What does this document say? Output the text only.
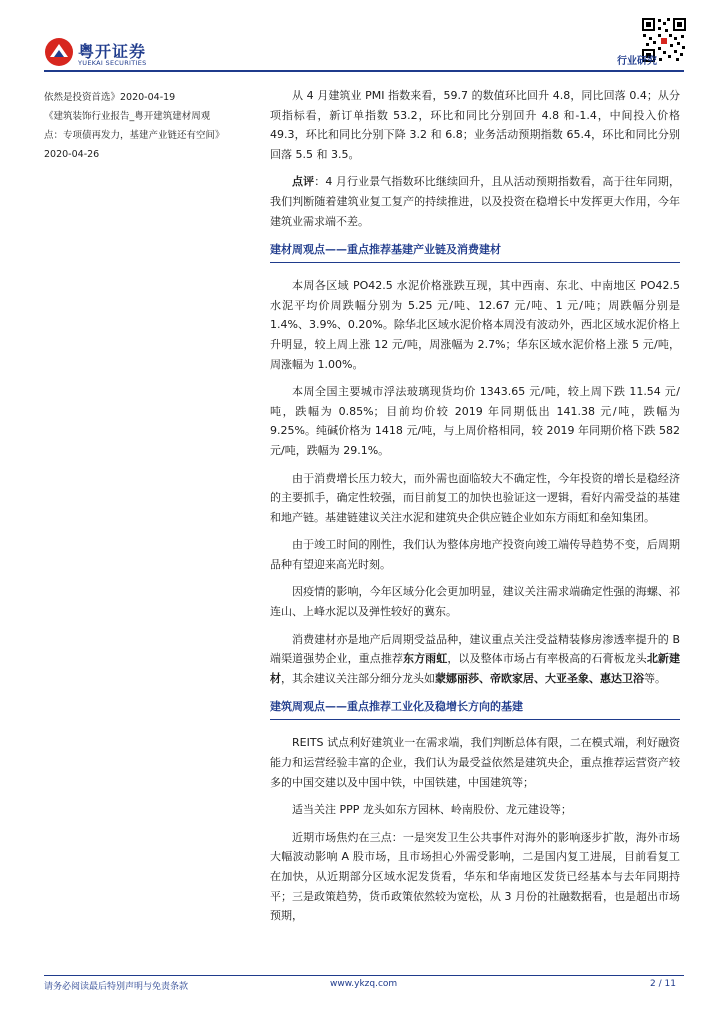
粤开证券
YUEKAI SECURITIES	行业研究
依然是投资首选》2020-04-19
《建筑装饰行业报告_粤开建筑建材周观
点：专项债再发力，基建产业链还有空间》
2020-04-26

从 4 月建筑业 PMI 指数来看，59.7 的数值环比回升 4.8，同比回落 0.4；从分项指标看，新订单指数 53.2，环比和同比分别回升 4.8 和-1.4，中间投入价格 49.3，环比和同比分别下降 3.2 和 6.8；业务活动预期指数 65.4，环比和同比分别回落 5.5 和 3.5。

点评：4 月行业景气指数环比继续回升，且从活动预期指数看，高于往年同期，我们判断随着建筑业复工复产的持续推进，以及投资在稳增长中发挥更大作用，今年建筑业需求端不差。

建材周观点——重点推荐基建产业链及消费建材

本周各区域 PO42.5 水泥价格涨跌互现，其中西南、东北、中南地区 PO42.5 水泥平均价周跌幅分别为 5.25 元/吨、12.67 元/吨、1 元/吨；周跌幅分别是 1.4%、3.9%、0.20%。除华北区域水泥价格本周没有波动外，西北区域水泥价格上升明显，较上周上涨 12 元/吨，周涨幅为 2.7%；华东区域水泥价格上涨 5 元/吨，周涨幅为 1.00%。

本周全国主要城市浮法玻璃现货均价 1343.65 元/吨，较上周下跌 11.54 元/吨，跌幅为 0.85%；目前均价较 2019 年同期低出 141.38 元/吨，跌幅为 9.25%。纯碱价格为 1418 元/吨，与上周价格相同，较 2019 年同期价格下跌 582 元/吨，跌幅为 29.1%。

由于消费增长压力较大，而外需也面临较大不确定性，今年投资的增长是稳经济的主要抓手，确定性较强，而目前复工的加快也验证这一逻辑，看好内需受益的基建和地产链。基建链建议关注水泥和建筑央企供应链企业如东方雨虹和垒知集团。

由于竣工时间的刚性，我们认为整体房地产投资向竣工端传导趋势不变，后周期品种有望迎来高光时刻。

因疫情的影响，今年区域分化会更加明显，建议关注需求端确定性强的海螺、祁连山、上峰水泥以及弹性较好的冀东。

消费建材亦是地产后周期受益品种，建议重点关注受益精装修房渗透率提升的 B 端渠道强势企业，重点推荐东方雨虹，以及整体市场占有率极高的石膏板龙头北新建材，其余建议关注部分细分龙头如蒙娜丽莎、帝欧家居、大亚圣象、惠达卫浴等。

建筑周观点——重点推荐工业化及稳增长方向的基建

REITS 试点利好建筑业一在需求端，我们判断总体有限，二在模式端，利好融资能力和运营经验丰富的企业，我们认为最受益依然是建筑央企，重点推荐运营资产较多的中国交建以及中国中铁，中国铁建，中国建筑等；

适当关注 PPP 龙头如东方园林、岭南股份、龙元建设等；

近期市场焦灼在三点：一是突发卫生公共事件对海外的影响逐步扩散，海外市场大幅波动影响 A 股市场，且市场担心外需受影响，二是国内复工进展，目前看复工在加快，从近期部分区域水泥发货看，华东和华南地区发货已经基本与去年同期持平；三是政策趋势，货币政策依然较为宽松，从 3 月份的社融数据看，也是超出市场预期，

请务必阅读最后特别声明与免责条款	www.ykzq.com	2 / 11
